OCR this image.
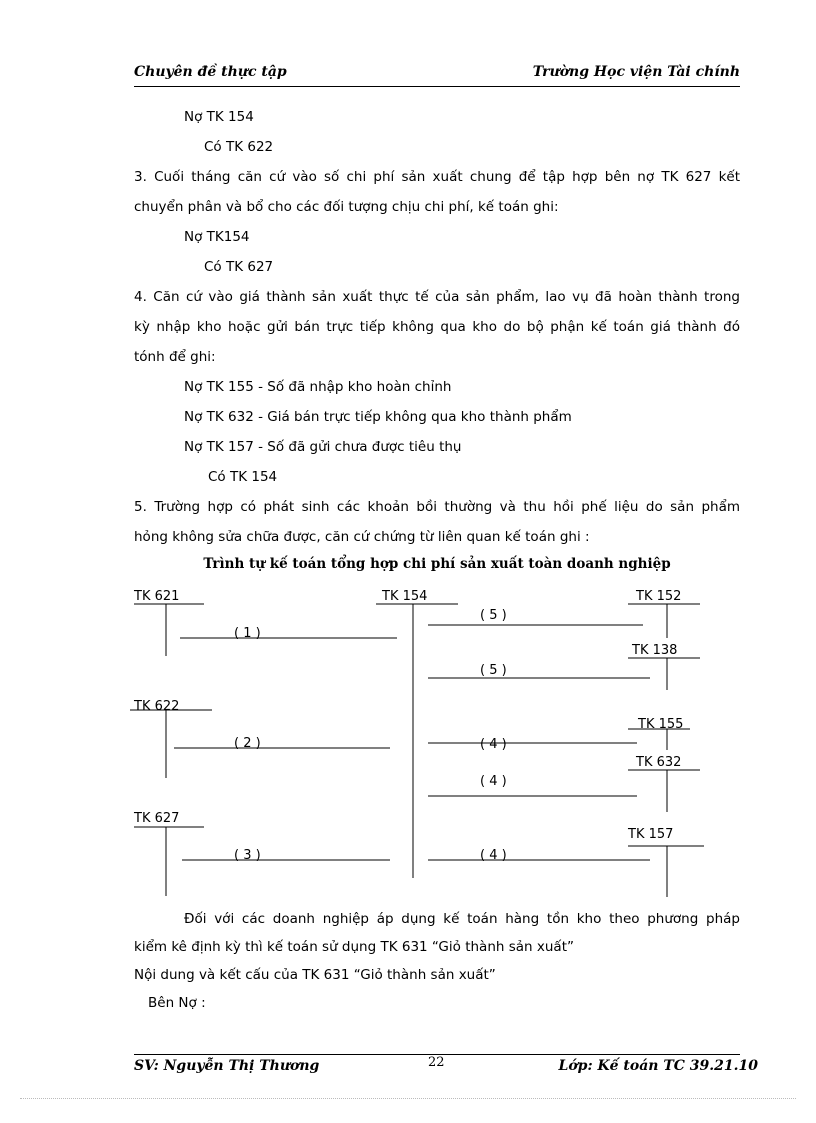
Chuyên đề thực tập	Trường Học viện Tài chính
Nợ TK 154
Có TK 622
3. Cuối tháng căn cứ vào số chi phí sản xuất chung để tập hợp bên nợ TK 627 kết
chuyển phân và bổ cho các đối tượng chịu chi phí, kế toán ghi:
Nợ TK154
Có TK 627
4. Căn cứ vào giá thành sản xuất thực tế của sản phẩm, lao vụ đã hoàn thành trong
kỳ nhập kho hoặc gửi bán trực tiếp không qua kho do bộ phận kế toán giá thành đó
tónh để ghi:
Nợ TK 155 - Số đã nhập kho hoàn chỉnh
Nợ TK 632 - Giá bán trực tiếp không qua kho thành phẩm
Nợ TK 157 - Số đã gửi chưa được tiêu thụ
Có TK 154
5. Trường hợp có phát sinh các khoản bồi thường và thu hồi phế liệu do sản phẩm
hỏng không sửa chữa được, căn cứ chứng từ liên quan kế toán ghi :
Trình tự kế toán tổng hợp chi phí sản xuất toàn doanh nghiệp
TK 621
TK 622
TK 627
TK 154	TK 152
TK 138
TK 155
TK 632
TK 157
( 1 )
( 2 )
( 3 )
( 5 )
( 5 )
( 4 )
( 4 )
( 4 )
Đối với các doanh nghiệp áp dụng kế toán hàng tồn kho theo phương pháp
kiểm kê định kỳ thì kế toán sử dụng TK 631 “Giỏ thành sản xuất”
Nội dung và kết cấu của TK 631 “Giỏ thành sản xuất”
Bên Nợ :
SV: Nguyễn Thị Thương	22	Lớp: Kế toán TC 39.21.10
